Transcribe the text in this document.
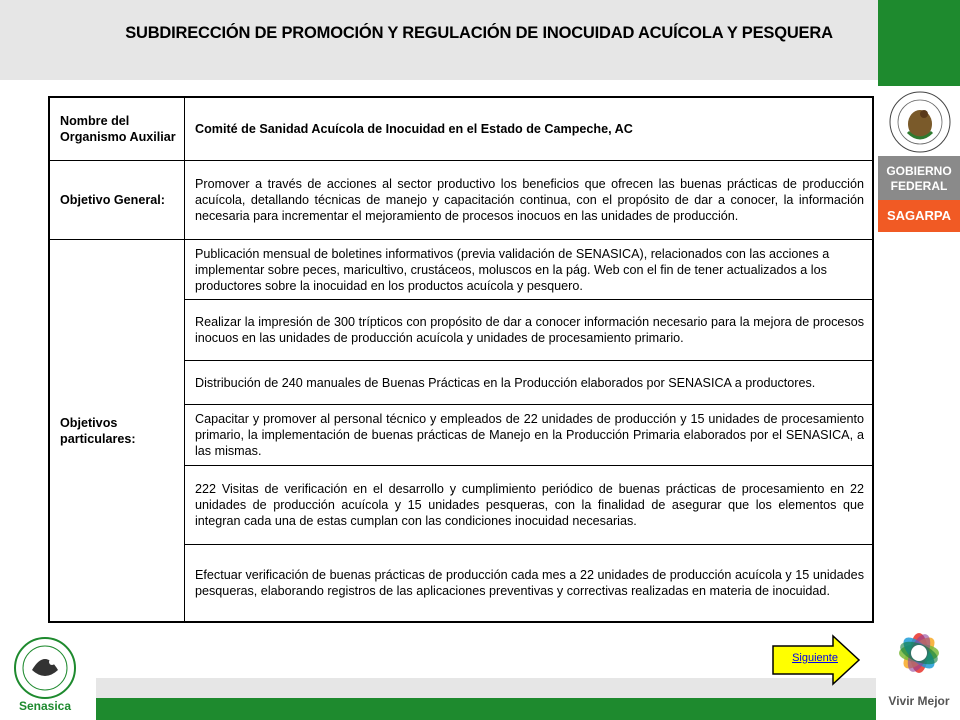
SUBDIRECCIÓN DE PROMOCIÓN Y REGULACIÓN DE INOCUIDAD ACUÍCOLA Y PESQUERA
GOBIERNO
FEDERAL
SAGARPA
Vivir Mejor
Nombre del Organismo Auxiliar	Comité de Sanidad Acuícola de Inocuidad en el Estado de Campeche, AC
Objetivo General:	Promover a través de acciones al sector productivo los beneficios que ofrecen las buenas prácticas de producción acuícola, detallando técnicas de manejo y capacitación continua, con el propósito de dar a conocer, la información necesaria para incrementar el mejoramiento de procesos inocuos en las unidades de producción.
Objetivos particulares:	Publicación mensual de boletines informativos (previa validación de SENASICA), relacionados con las acciones a implementar sobre peces, maricultivo, crustáceos, moluscos en la pág. Web con el fin de tener actualizados a los productores sobre la inocuidad en los productos acuícola y pesquero.
	Realizar la impresión de 300 trípticos con propósito de dar a conocer información necesario para la mejora de procesos inocuos en las unidades de producción acuícola y unidades de procesamiento primario.
	Distribución de 240 manuales de Buenas Prácticas en la Producción elaborados por SENASICA a productores.
	Capacitar y promover al personal técnico y empleados de 22 unidades de producción y 15 unidades de procesamiento primario, la implementación de buenas prácticas de Manejo en la Producción Primaria elaborados por el SENASICA, a las mismas.
	222 Visitas de verificación en el desarrollo y cumplimiento periódico de buenas prácticas de procesamiento en 22 unidades de producción acuícola y 15 unidades pesqueras, con la finalidad de asegurar que los elementos que integran cada una de estas cumplan con las condiciones inocuidad necesarias.
	Efectuar verificación de buenas prácticas de producción cada mes a 22 unidades de producción acuícola y 15 unidades pesqueras, elaborando registros de las aplicaciones preventivas y correctivas realizadas en materia de inocuidad.
Senasica
Siguiente
